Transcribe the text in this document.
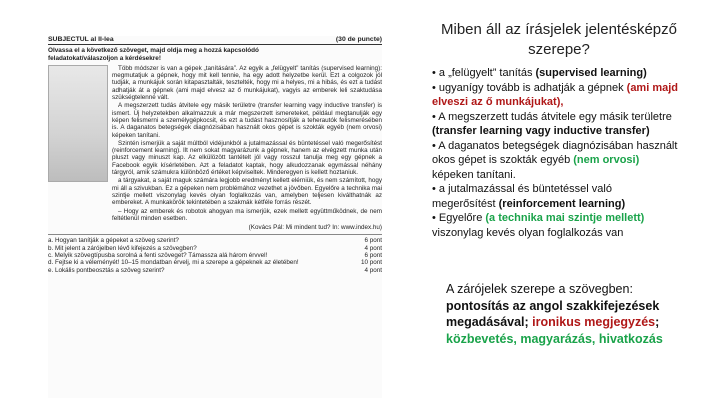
SUBJECTUL al II-lea	(30 de puncte)
Olvassa el a következő szöveget, majd oldja meg a hozzá kapcsolódó
feladatokat/válaszoljon a kérdésekre!

Több módszer is van a gépek „tanítására”. Az egyik a „felügyelt” tanítás (supervised learning): megmutatjuk a gépnek, hogy mit kell tennie, ha egy adott helyzetbe kerül. Ezt a colgozok jól tudják, a munkájuk során kitapasztalták, tesztelték, hogy mi a helyes, mi a hibás, és ezt a tudást adhatják át a gépnek (ami majd elvesz az ő munkájukat), vagyis az emberek leli szaktudása szükségtelenné vált.

A megszerzett tudás átvitele egy másik területre (transfer learning vagy inductive transfer) is ismert. Új helyzetekben alkalmazzuk a már megszerzett ismereteket, például megtanulják egy képen felismerni a személygépkocsit, és ezt a tudást hasznosítják a teherautók felismerésében is. A daganatos betegségek diagnózisában használt okos gépet is szokták egyéb (nem orvosi) képeken tanítani.

Szintén ismerjük a saját múltból vidéjunkból a jutalmazással és büntetéssel való megerősítést (reinforcement learning). Ilt nem sokat magyarázunk a gépnek, hanem az elvégzett munka után pluszt vagy minuszt kap. Az elkülözött tantételt jól vagy rosszul tanulja meg egy gépnek a Facebook egyik kísérletében. Azt a feladatot kaptak, hogy alkudozzanak egymással néhány tárgyról, amik számukra különböző értéket képviseltek. Minderegyen is kellett hoztaniuk.

a tárgyakat, a saját maguk számára legjobb eredményt kellett elérniük, és nem számított, hogy mi áll a szivukban. Ez a gépeken nem problémához vezethet a jövőben. Egyelőre a technika mai szintje mellett viszonylag kevés olyan foglalkozás van, amelyben teljesen kiválthatnák az embereket. A munkakörök tekintetében a szakmák kétféle forrás részét.

– Hogy az emberek és robotok ahogyan ma ismerjük, ezek mellett együttműködnek, de nem feltétlenül minden esetben.

(Kovács Pál: Mi mindent tud? In: www.index.hu)
a. Hogyan tanítják a gépeket a szöveg szerint?	6 pont
b. Mit jelent a zárójelben lévő kifejezés a szövegben?	4 pont
c. Melyik szövegtípusba sorolná a fenti szöveget? Támassza alá három érvvel!	6 pont
d. Fejtse ki a véleményét! 10–15 mondatban érvelj, mi a szerepe a gépeknek az életében!	10 pont
e. Lokális pontbeosztás a szöveg szerint?	4 pont
Miben áll az írásjelek jelentésképző szerepe?
• a „felügyelt” tanítás (supervised learning)
• ugyanígy tovább is adhatják a gépnek (ami majd elveszi az ő munkájukat),
• A megszerzett tudás átvitele egy másik területre (transfer learning vagy inductive transfer)
• A daganatos betegségek diagnózisában használt okos gépet is szokták egyéb (nem orvosi) képeken tanítani.
• a jutalmazással és büntetéssel való megerősítést (reinforcement learning)
• Egyelőre (a technika mai szintje mellett) viszonylag kevés olyan foglalkozás van
A zárójelek szerepe a szövegben: pontosítás az angol szakkifejezések megadásával; ironikus megjegyzés; közbevetés, magyarázás, hivatkozás
